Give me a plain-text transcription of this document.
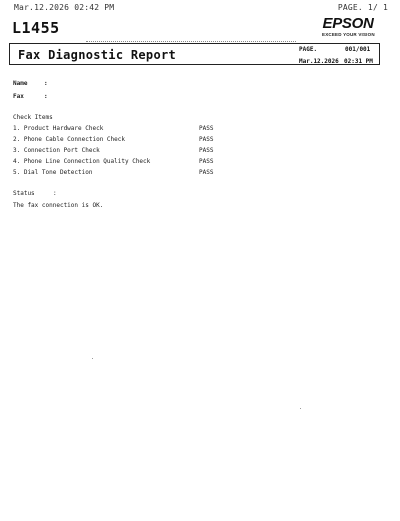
Mar.12.2026 02:42 PM	PAGE. 1/ 1
L1455	EPSON
EXCEED YOUR VISION
Fax Diagnostic Report	PAGE.	001/001
Mar.12.2026 02:31 PM
Name	:
Fax	:
Check Items
1. Product Hardware Check	PASS
2. Phone Cable Connection Check	PASS
3. Connection Port Check	PASS
4. Phone Line Connection Quality Check	PASS
5. Dial Tone Detection	PASS
Status	:
The fax connection is OK.
